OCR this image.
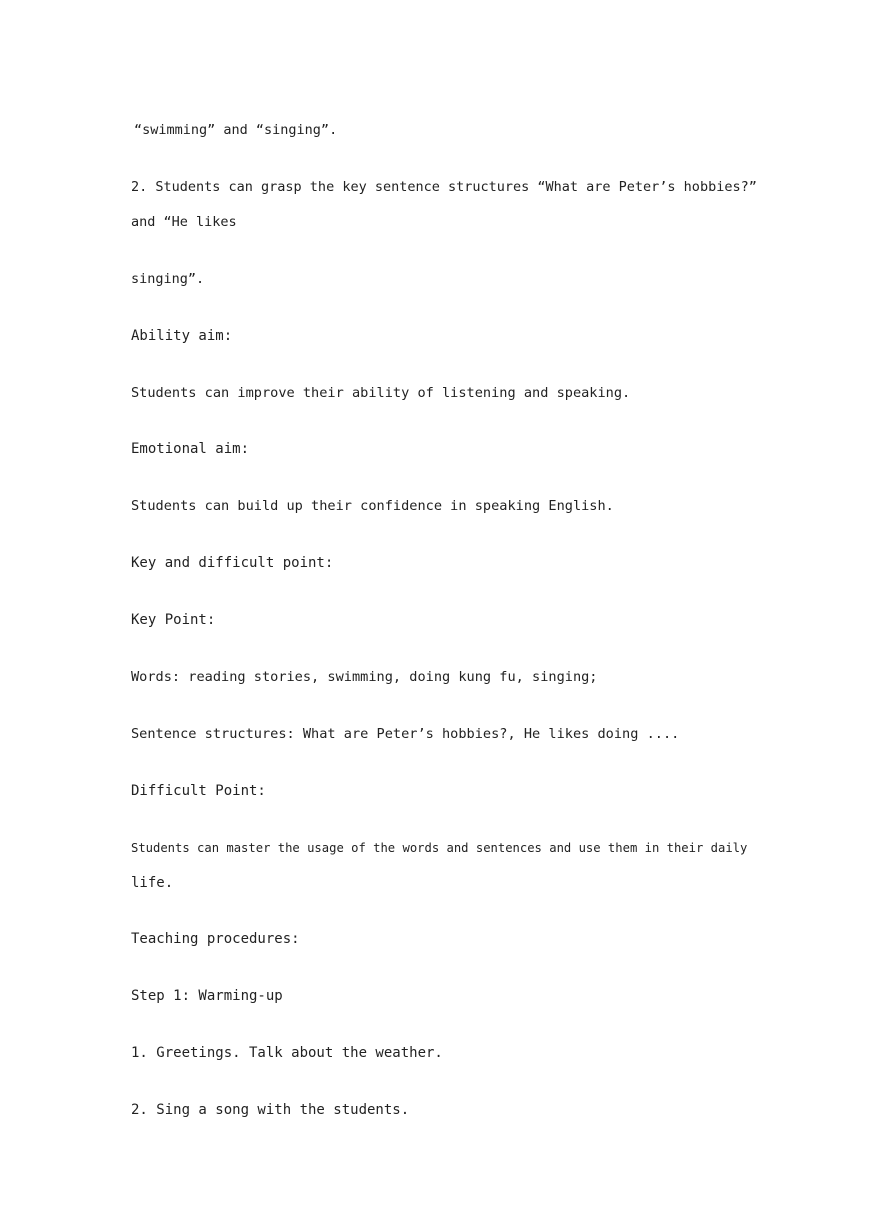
“swimming” and “singing”.

2. Students can grasp the key sentence structures “What are Peter’s hobbies?”

and “He likes

singing”.

Ability aim:

Students can improve their ability of listening and speaking.

Emotional aim:

Students can build up their confidence in speaking English.

Key and difficult point:

Key Point:

Words: reading stories, swimming, doing kung fu, singing;

Sentence structures: What are Peter’s hobbies?, He likes doing ....

Difficult Point:

Students can master the usage of the words and sentences and use them in their daily

life.

Teaching procedures:

Step 1: Warming-up

1. Greetings. Talk about the weather.

2. Sing a song with the students.
